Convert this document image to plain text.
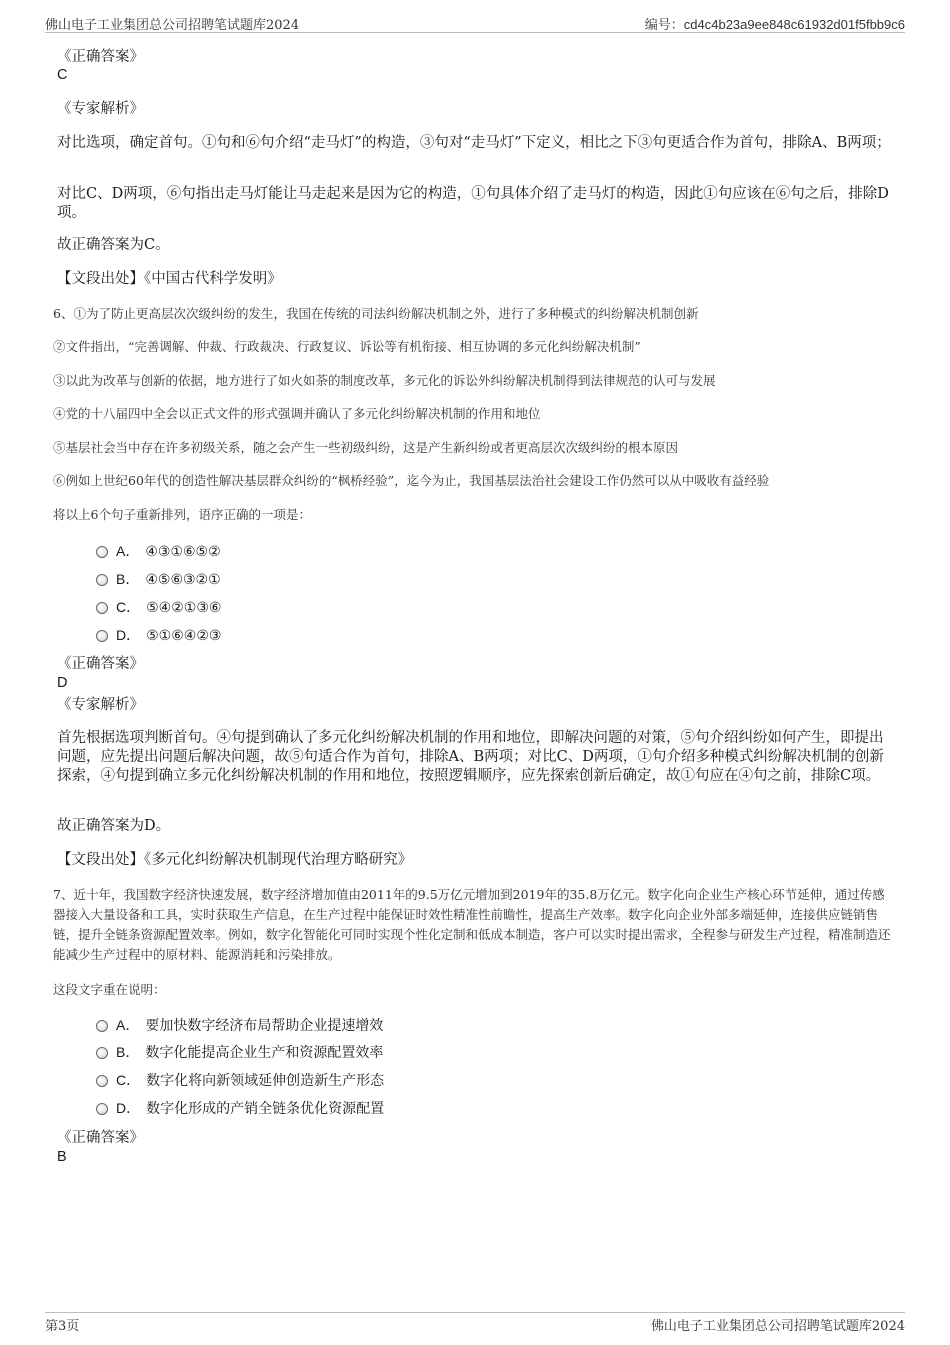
佛山电子工业集团总公司招聘笔试题库2024	编号：cd4c4b23a9ee848c61932d01f5fbb9c6
《正确答案》
C
《专家解析》
对比选项，确定首句。①句和⑥句介绍“走马灯”的构造，③句对“走马灯”下定义，相比之下③句更适合作为首句，排除A、B两项；
对比C、D两项，⑥句指出走马灯能让马走起来是因为它的构造，①句具体介绍了走马灯的构造，因此①句应该在⑥句之后，排除D项。
故正确答案为C。
【文段出处】《中国古代科学发明》
6、①为了防止更高层次次级纠纷的发生，我国在传统的司法纠纷解决机制之外，进行了多种模式的纠纷解决机制创新
②文件指出，“完善调解、仲裁、行政裁决、行政复议、诉讼等有机衔接、相互协调的多元化纠纷解决机制”
③以此为改革与创新的依据，地方进行了如火如荼的制度改革，多元化的诉讼外纠纷解决机制得到法律规范的认可与发展
④党的十八届四中全会以正式文件的形式强调并确认了多元化纠纷解决机制的作用和地位
⑤基层社会当中存在许多初级关系，随之会产生一些初级纠纷，这是产生新纠纷或者更高层次次级纠纷的根本原因
⑥例如上世纪60年代的创造性解决基层群众纠纷的“枫桥经验”，迄今为止，我国基层法治社会建设工作仍然可以从中吸收有益经验
将以上6个句子重新排列，语序正确的一项是：
A． ④③①⑥⑤②
B． ④⑤⑥③②①
C． ⑤④②①③⑥
D． ⑤①⑥④②③
《正确答案》
D
《专家解析》
首先根据选项判断首句。④句提到确认了多元化纠纷解决机制的作用和地位，即解决问题的对策，⑤句介绍纠纷如何产生，即提出问题，应先提出问题后解决问题，故⑤句适合作为首句，排除A、B两项；对比C、D两项，①句介绍多种模式纠纷解决机制的创新探索，④句提到确立多元化纠纷解决机制的作用和地位，按照逻辑顺序，应先探索创新后确定，故①句应在④句之前，排除C项。
故正确答案为D。
【文段出处】《多元化纠纷解决机制现代治理方略研究》
7、近十年，我国数字经济快速发展，数字经济增加值由2011年的9.5万亿元增加到2019年的35.8万亿元。数字化向企业生产核心环节延伸，通过传感器接入大量设备和工具，实时获取生产信息，在生产过程中能保证时效性精准性前瞻性，提高生产效率。数字化向企业外部多端延伸，连接供应链销售链，提升全链条资源配置效率。例如，数字化智能化可同时实现个性化定制和低成本制造，客户可以实时提出需求，全程参与研发生产过程，精准制造还能减少生产过程中的原材料、能源消耗和污染排放。
这段文字重在说明：
A． 要加快数字经济布局帮助企业提速增效
B． 数字化能提高企业生产和资源配置效率
C． 数字化将向新领域延伸创造新生产形态
D． 数字化形成的产销全链条优化资源配置
《正确答案》
B
第3页	佛山电子工业集团总公司招聘笔试题库2024
